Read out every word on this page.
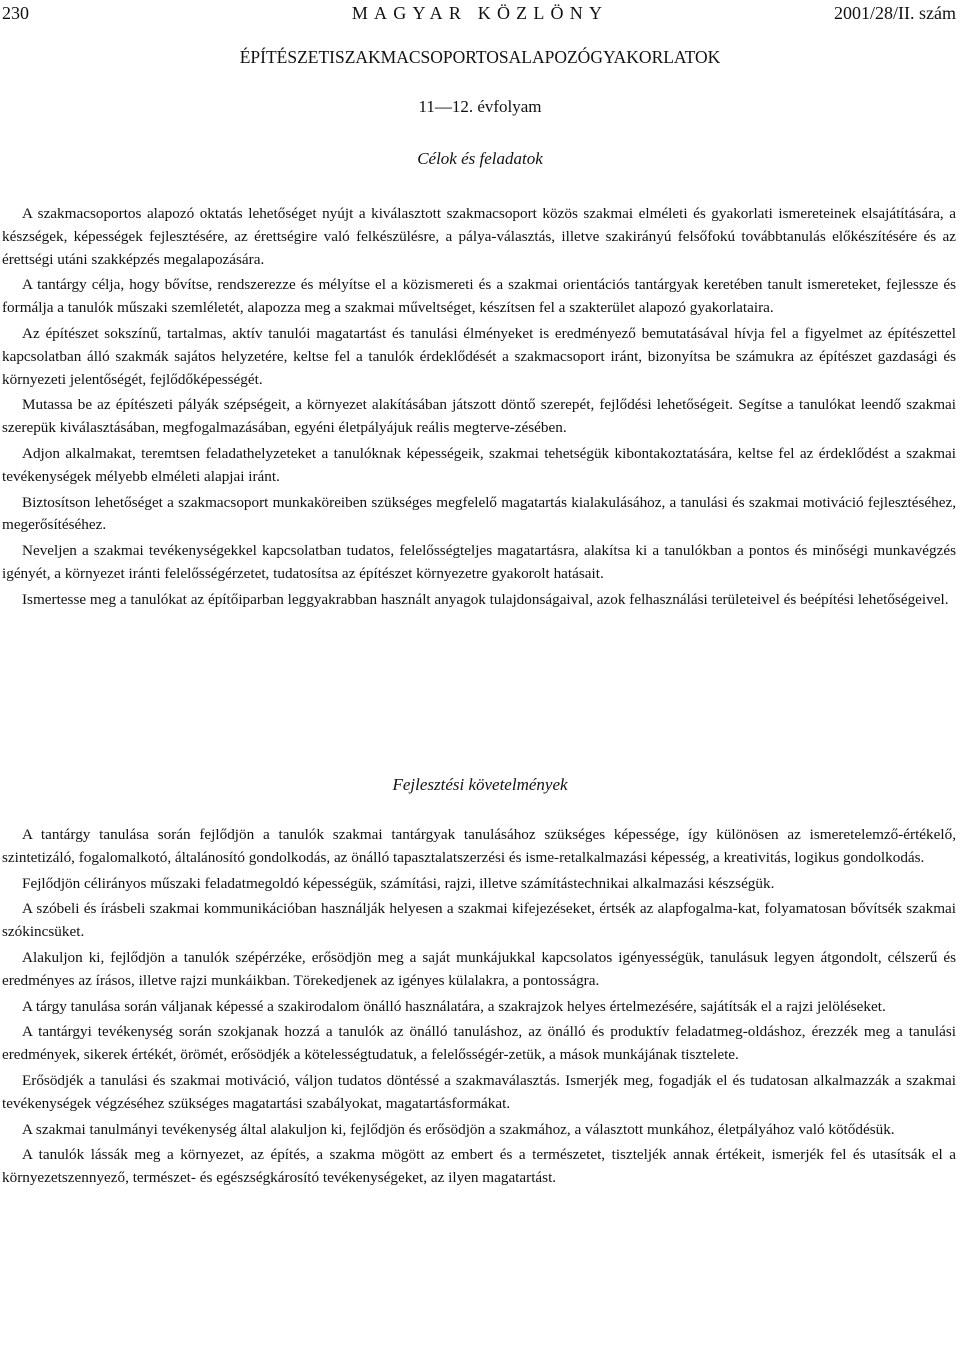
230	MAGYAR KÖZLÖNY	2001/28/II. szám
ÉPÍTÉSZETISZAKMACSOPORTOSALAPOZÓGYAKORLATOK
11—12. évfolyam
Célok és feladatok

A szakmacsoportos alapozó oktatás lehetőséget nyújt a kiválasztott szakmacsoport közös szakmai elméleti és gyakorlati ismereteinek elsajátítására, a készségek, képességek fejlesztésére, az érettségire való felkészülésre, a pálya-választás, illetve szakirányú felsőfokú továbbtanulás előkészítésére és az érettségi utáni szakképzés megalapozására.

A tantárgy célja, hogy bővítse, rendszerezze és mélyítse el a közismereti és a szakmai orientációs tantárgyak keretében tanult ismereteket, fejlessze és formálja a tanulók műszaki szemléletét, alapozza meg a szakmai műveltséget, készítsen fel a szakterület alapozó gyakorlataira.

Az építészet sokszínű, tartalmas, aktív tanulói magatartást és tanulási élményeket is eredményező bemutatásával hívja fel a figyelmet az építészettel kapcsolatban álló szakmák sajátos helyzetére, keltse fel a tanulók érdeklődését a szakmacsoport iránt, bizonyítsa be számukra az építészet gazdasági és környezeti jelentőségét, fejlődőképességét.

Mutassa be az építészeti pályák szépségeit, a környezet alakításában játszott döntő szerepét, fejlődési lehetőségeit. Segítse a tanulókat leendő szakmai szerepük kiválasztásában, megfogalmazásában, egyéni életpályájuk reális megterve-zésében.

Adjon alkalmakat, teremtsen feladathelyzeteket a tanulóknak képességeik, szakmai tehetségük kibontakoztatására, keltse fel az érdeklődést a szakmai tevékenységek mélyebb elméleti alapjai iránt.

Biztosítson lehetőséget a szakmacsoport munkaköreiben szükséges megfelelő magatartás kialakulásához, a tanulási és szakmai motiváció fejlesztéséhez, megerősítéséhez.

Neveljen a szakmai tevékenységekkel kapcsolatban tudatos, felelősségteljes magatartásra, alakítsa ki a tanulókban a pontos és minőségi munkavégzés igényét, a környezet iránti felelősségérzetet, tudatosítsa az építészet környezetre gyakorolt hatásait.

Ismertesse meg a tanulókat az építőiparban leggyakrabban használt anyagok tulajdonságaival, azok felhasználási területeivel és beépítési lehetőségeivel.

Fejlesztési követelmények

A tantárgy tanulása során fejlődjön a tanulók szakmai tantárgyak tanulásához szükséges képessége, így különösen az ismeretelemző-értékelő, szintetizáló, fogalomalkotó, általánosító gondolkodás, az önálló tapasztalatszerzési és isme-retalkalmazási képesség, a kreativitás, logikus gondolkodás.

Fejlődjön célirányos műszaki feladatmegoldó képességük, számítási, rajzi, illetve számítástechnikai alkalmazási készségük.

A szóbeli és írásbeli szakmai kommunikációban használják helyesen a szakmai kifejezéseket, értsék az alapfogalma-kat, folyamatosan bővítsék szakmai szókincsüket.

Alakuljon ki, fejlődjön a tanulók szépérzéke, erősödjön meg a saját munkájukkal kapcsolatos igényességük, tanulásuk legyen átgondolt, célszerű és eredményes az írásos, illetve rajzi munkáikban. Törekedjenek az igényes külalakra, a pontosságra.

A tárgy tanulása során váljanak képessé a szakirodalom önálló használatára, a szakrajzok helyes értelmezésére, sajátítsák el a rajzi jelöléseket.

A tantárgyi tevékenység során szokjanak hozzá a tanulók az önálló tanuláshoz, az önálló és produktív feladatmeg-oldáshoz, érezzék meg a tanulási eredmények, sikerek értékét, örömét, erősödjék a kötelességtudatuk, a felelősségér-zetük, a mások munkájának tisztelete.

Erősödjék a tanulási és szakmai motiváció, váljon tudatos döntéssé a szakmaválasztás. Ismerjék meg, fogadják el és tudatosan alkalmazzák a szakmai tevékenységek végzéséhez szükséges magatartási szabályokat, magatartásformákat.

A szakmai tanulmányi tevékenység által alakuljon ki, fejlődjön és erősödjön a szakmához, a választott munkához, életpályához való kötődésük.

A tanulók lássák meg a környezet, az építés, a szakma mögött az embert és a természetet, tiszteljék annak értékeit, ismerjék fel és utasítsák el a környezetszennyező, természet- és egészségkárosító tevékenységeket, az ilyen magatartást.
